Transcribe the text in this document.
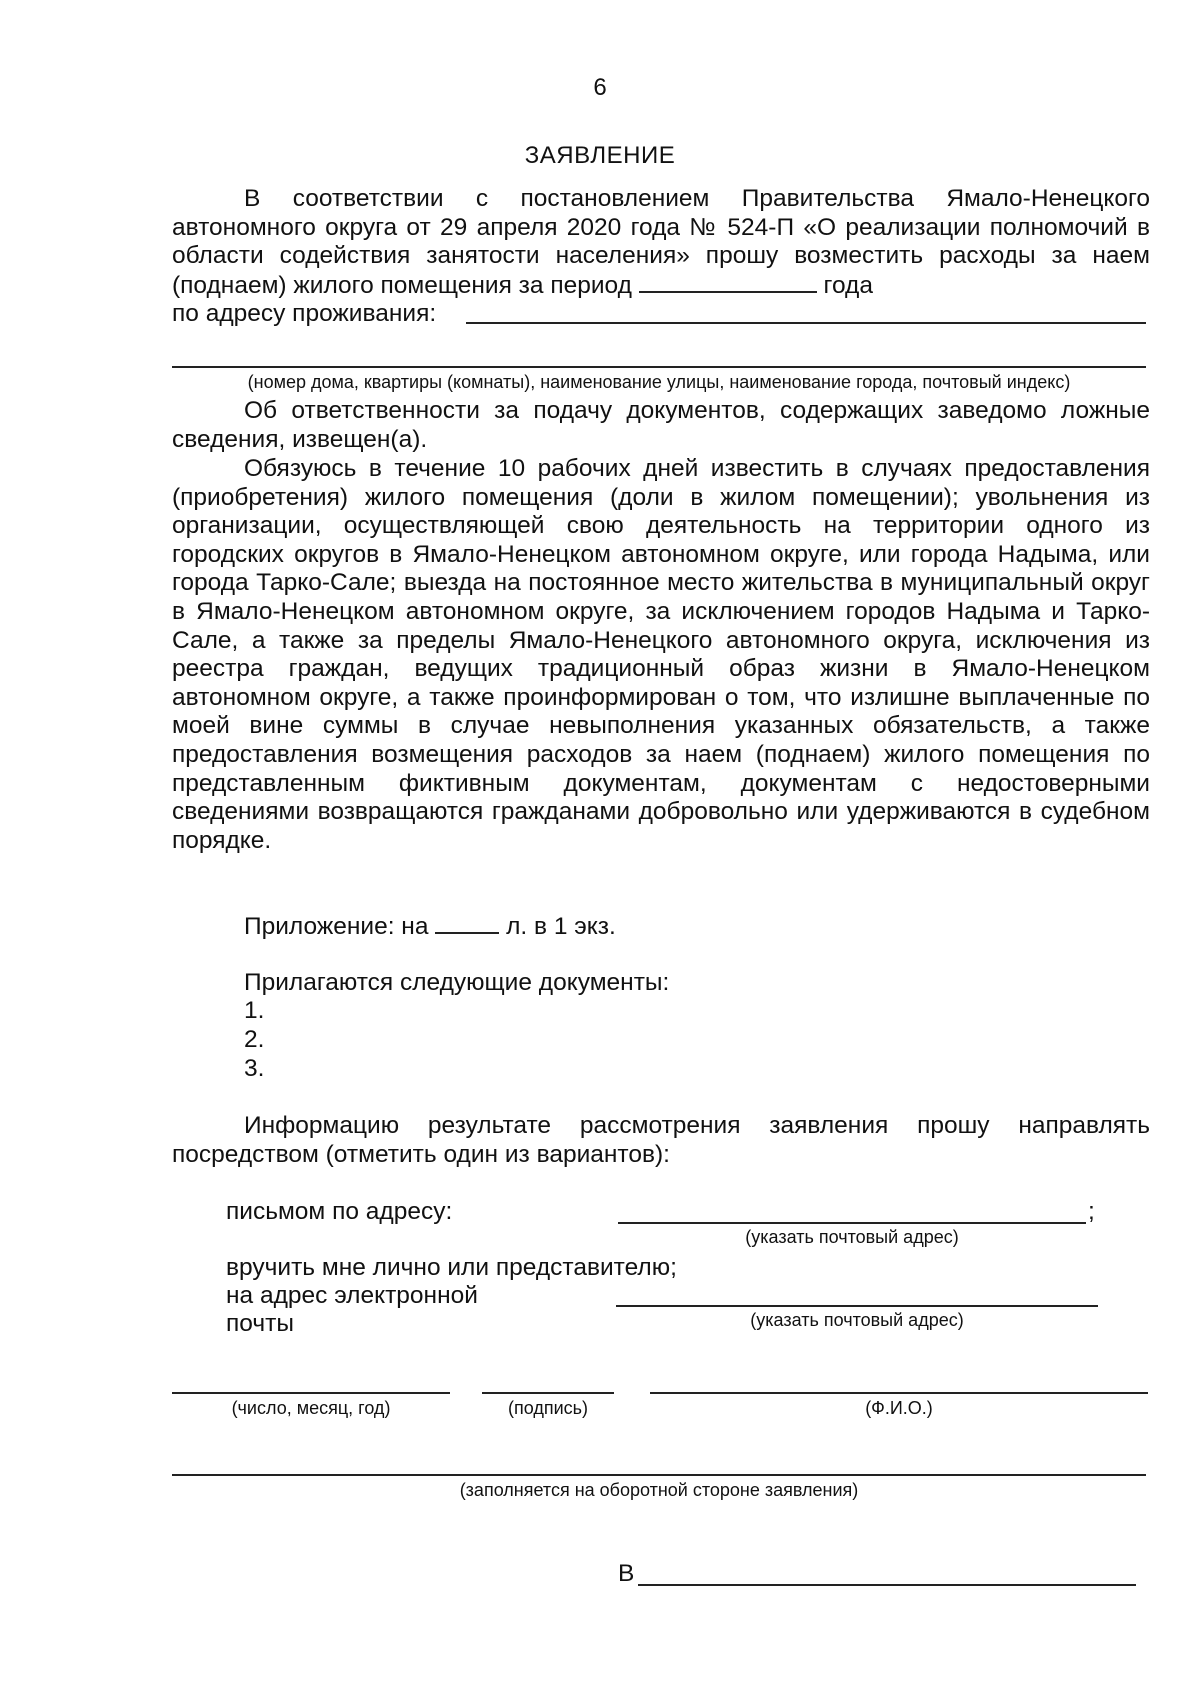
6
ЗАЯВЛЕНИЕ

В соответствии с постановлением Правительства Ямало-Ненецкого автономного округа от 29 апреля 2020 года № 524-П «О реализации полномочий в области содействия занятости населения» прошу возместить расходы за наем (поднаем) жилого помещения за период	года

по адресу проживания:
(номер дома, квартиры (комнаты), наименование улицы, наименование города, почтовый индекс)

Об ответственности за подачу документов, содержащих заведомо ложные сведения, извещен(а).

Обязуюсь в течение 10 рабочих дней известить в случаях предоставления (приобретения) жилого помещения (доли в жилом помещении); увольнения из организации, осуществляющей свою деятельность на территории одного из городских округов в Ямало-Ненецком автономном округе, или города Надыма, или города Тарко-Сале; выезда на постоянное место жительства в муниципальный округ в Ямало-Ненецком автономном округе, за исключением городов Надыма и Тарко-Сале, а также за пределы Ямало-Ненецкого автономного округа, исключения из реестра граждан, ведущих традиционный образ жизни в Ямало-Ненецком автономном округе, а также проинформирован о том, что излишне выплаченные по моей вине суммы в случае невыполнения указанных обязательств, а также предоставления возмещения расходов за наем (поднаем) жилого помещения по представленным фиктивным документам, документам с недостоверными сведениями возвращаются гражданами добровольно или удерживаются в судебном порядке.

Приложение: на	л. в 1 экз.
Прилагаются следующие документы:
1.
2.
3.

Информацию результате рассмотрения заявления прошу направлять посредством (отметить один из вариантов):

письмом по адресу:	;
(указать почтовый адрес)
вручить мне лично или представителю;
на адрес электронной
почты	(указать почтовый адрес)
(число, месяц, год)	(подпись)	(Ф.И.О.)
(заполняется на оборотной стороне заявления)
В
